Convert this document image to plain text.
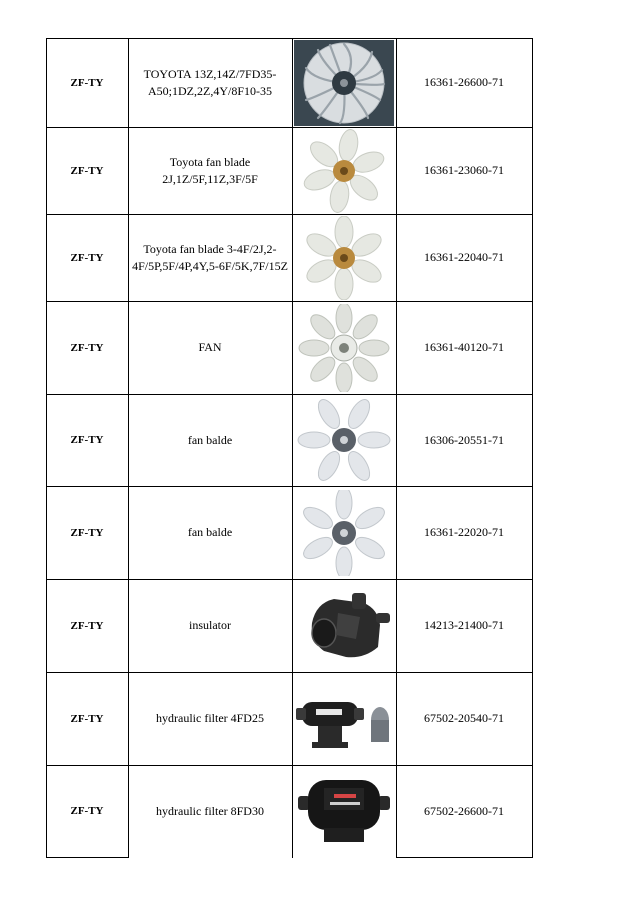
ZF-TY
TOYOTA 13Z,14Z/7FD35-A50;1DZ,2Z,4Y/8F10-35
16361-26600-71
ZF-TY
Toyota fan blade 2J,1Z/5F,11Z,3F/5F
16361-23060-71
ZF-TY
Toyota fan blade 3-4F/2J,2-4F/5P,5F/4P,4Y,5-6F/5K,7F/15Z
16361-22040-71
ZF-TY	FAN	16361-40120-71
ZF-TY	fan balde	16306-20551-71
ZF-TY	fan balde	16361-22020-71
ZF-TY	insulator	14213-21400-71
ZF-TY	hydraulic filter 4FD25	67502-20540-71
ZF-TY	hydraulic filter 8FD30	67502-26600-71
